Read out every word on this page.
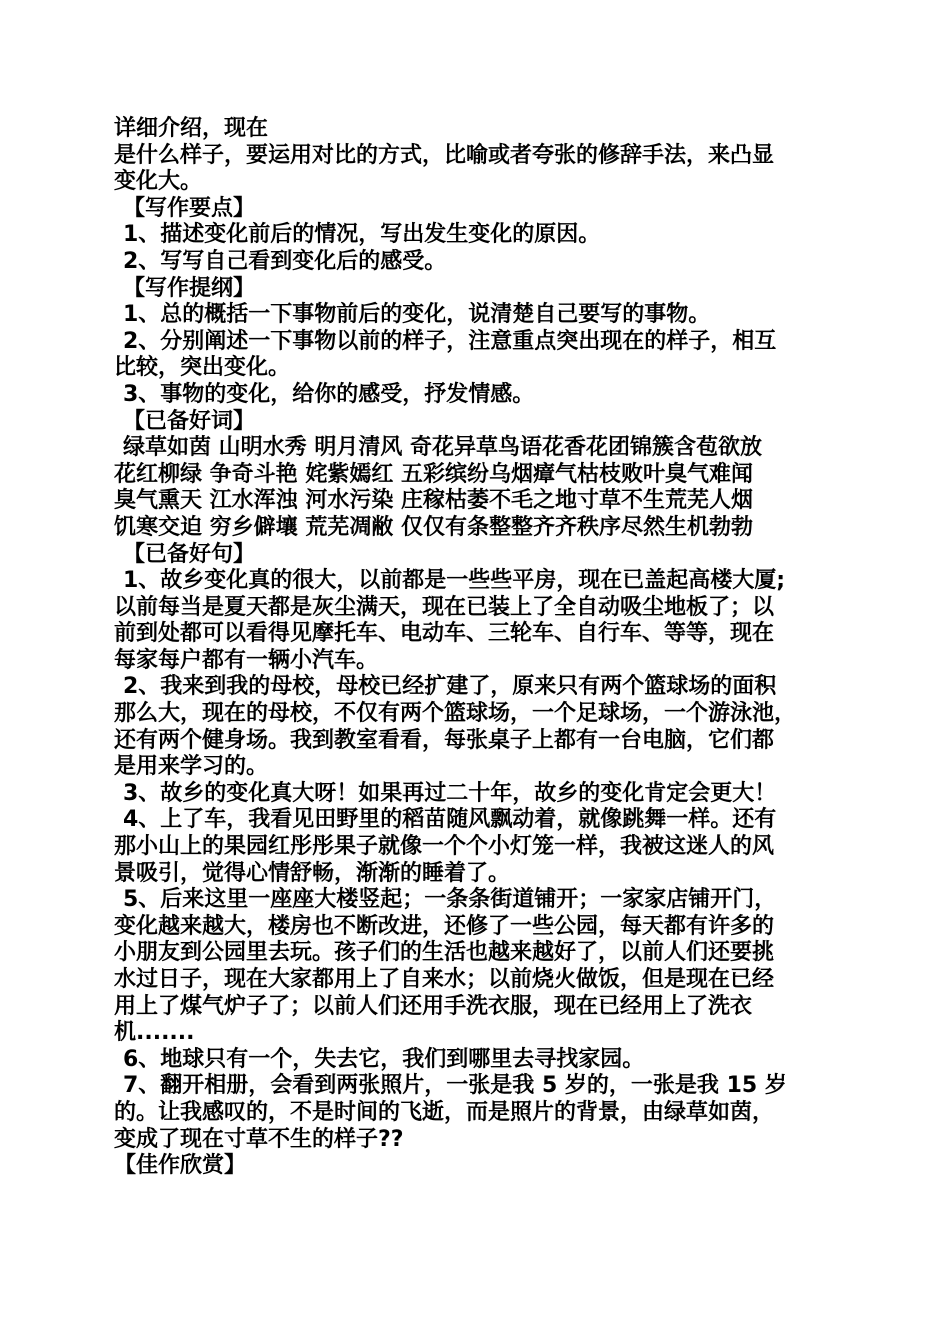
详细介绍，现在
是什么样子，要运用对比的方式，比喻或者夸张的修辞手法，来凸显
变化大。
【写作要点】
1、描述变化前后的情况，写出发生变化的原因。
2、写写自己看到变化后的感受。
【写作提纲】
1、总的概括一下事物前后的变化，说清楚自己要写的事物。
2、分别阐述一下事物以前的样子，注意重点突出现在的样子，相互
比较，突出变化。
3、事物的变化，给你的感受，抒发情感。
【已备好词】
绿草如茵 山明水秀 明月清风 奇花异草鸟语花香花团锦簇含苞欲放
花红柳绿 争奇斗艳 姹紫嫣红 五彩缤纷乌烟瘴气枯枝败叶臭气难闻
臭气熏天 江水浑浊 河水污染 庄稼枯萎不毛之地寸草不生荒芜人烟
饥寒交迫 穷乡僻壤 荒芜凋敝 仅仅有条整整齐齐秩序尽然生机勃勃
【已备好句】
1、故乡变化真的很大，以前都是一些些平房，现在已盖起高楼大厦;
以前每当是夏天都是灰尘满天，现在已装上了全自动吸尘地板了；以
前到处都可以看得见摩托车、电动车、三轮车、自行车、等等，现在
每家每户都有一辆小汽车。
2、我来到我的母校，母校已经扩建了，原来只有两个篮球场的面积
那么大，现在的母校，不仅有两个篮球场，一个足球场，一个游泳池，
还有两个健身场。我到教室看看，每张桌子上都有一台电脑，它们都
是用来学习的。
3、故乡的变化真大呀！如果再过二十年，故乡的变化肯定会更大！
4、上了车，我看见田野里的稻苗随风飘动着，就像跳舞一样。还有
那小山上的果园红彤彤果子就像一个个小灯笼一样，我被这迷人的风
景吸引，觉得心情舒畅，渐渐的睡着了。
5、后来这里一座座大楼竖起；一条条街道铺开；一家家店铺开门，
变化越来越大，楼房也不断改进，还修了一些公园，每天都有许多的
小朋友到公园里去玩。孩子们的生活也越来越好了，以前人们还要挑
水过日子，现在大家都用上了自来水；以前烧火做饭，但是现在已经
用上了煤气炉子了；以前人们还用手洗衣服，现在已经用上了洗衣
机.......
6、地球只有一个，失去它，我们到哪里去寻找家园。
7、翻开相册，会看到两张照片，一张是我 5 岁的，一张是我 15 岁
的。让我感叹的，不是时间的飞逝，而是照片的背景，由绿草如茵，
变成了现在寸草不生的样子??
【佳作欣赏】
